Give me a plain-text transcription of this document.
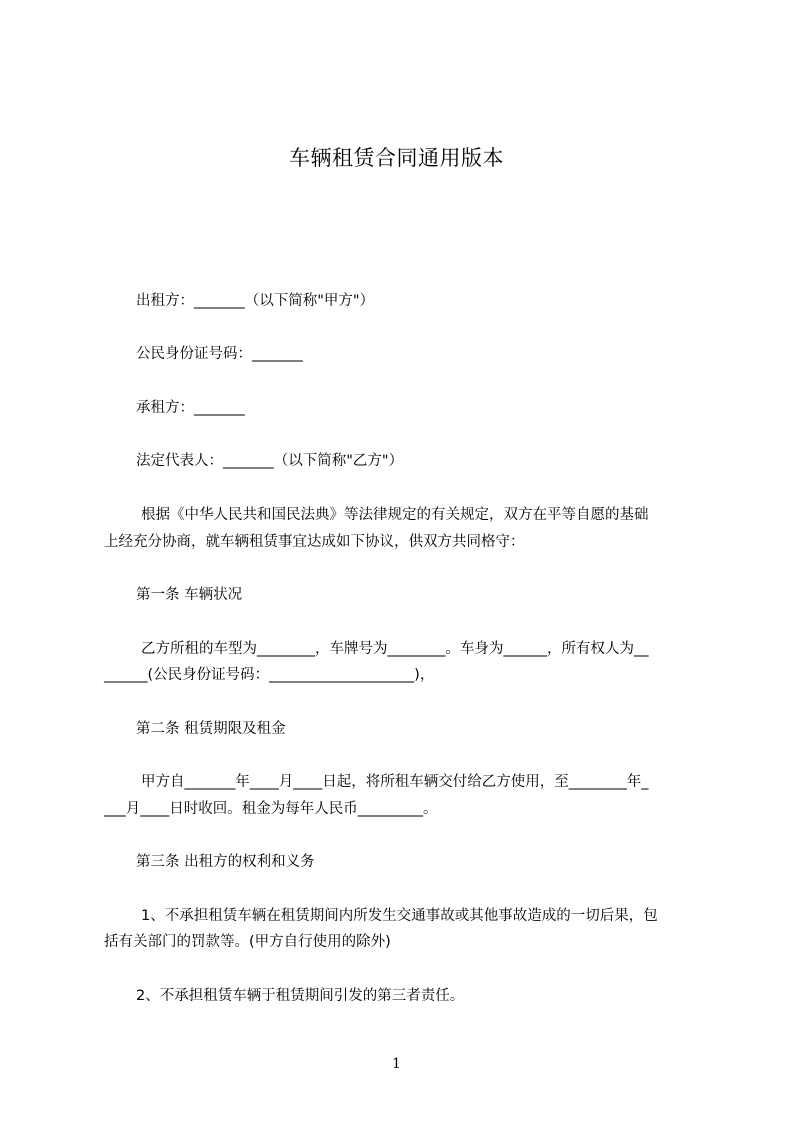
车辆租赁合同通用版本
出租方：_______（以下简称"甲方"）
公民身份证号码：_______
承租方：_______
法定代表人：_______（以下简称"乙方"）
根据《中华人民共和国民法典》等法律规定的有关规定，双方在平等自愿的基础
上经充分协商，就车辆租赁事宜达成如下协议，供双方共同格守：
第一条 车辆状况
乙方所租的车型为________，车牌号为________。车身为______，所有权人为__
______(公民身份证号码：____________________)，
第二条 租赁期限及租金
甲方自_______年____月____日起，将所租车辆交付给乙方使用，至________年_
___月____日时收回。租金为每年人民币_________。
第三条 出租方的权利和义务
1、不承担租赁车辆在租赁期间内所发生交通事故或其他事故造成的一切后果，包
括有关部门的罚款等。(甲方自行使用的除外)
2、不承担租赁车辆于租赁期间引发的第三者责任。
1
